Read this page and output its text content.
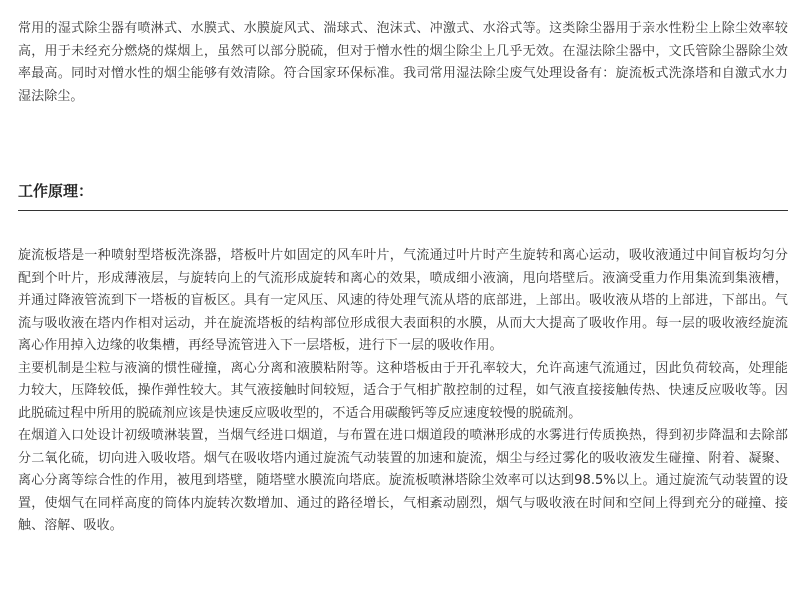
常用的湿式除尘器有喷淋式、水膜式、水膜旋风式、湍球式、泡沫式、冲激式、水浴式等。这类除尘器用于亲水性粉尘上除尘效率较高，用于未经充分燃烧的煤烟上，虽然可以部分脱硫，但对于憎水性的烟尘除尘上几乎无效。在湿法除尘器中，文氏管除尘器除尘效率最高。同时对憎水性的烟尘能够有效清除。符合国家环保标准。我司常用湿法除尘废气处理设备有：旋流板式洗涤塔和自激式水力湿法除尘。

工作原理：

旋流板塔是一种喷射型塔板洗涤器，塔板叶片如固定的风车叶片，气流通过叶片时产生旋转和离心运动，吸收液通过中间盲板均匀分配到个叶片，形成薄液层，与旋转向上的气流形成旋转和离心的效果，喷成细小液滴，甩向塔壁后。液滴受重力作用集流到集液槽，并通过降液管流到下一塔板的盲板区。具有一定风压、风速的待处理气流从塔的底部进，上部出。吸收液从塔的上部进，下部出。气流与吸收液在塔内作相对运动，并在旋流塔板的结构部位形成很大表面积的水膜，从而大大提高了吸收作用。每一层的吸收液经旋流离心作用掉入边缘的收集槽，再经导流管进入下一层塔板，进行下一层的吸收作用。

主要机制是尘粒与液滴的惯性碰撞，离心分离和液膜粘附等。这种塔板由于开孔率较大，允许高速气流通过，因此负荷较高，处理能力较大，压降较低，操作弹性较大。其气液接触时间较短，适合于气相扩散控制的过程，如气液直接接触传热、快速反应吸收等。因此脱硫过程中所用的脱硫剂应该是快速反应吸收型的，不适合用碳酸钙等反应速度较慢的脱硫剂。

在烟道入口处设计初级喷淋装置，当烟气经进口烟道，与布置在进口烟道段的喷淋形成的水雾进行传质换热，得到初步降温和去除部分二氧化硫，切向进入吸收塔。烟气在吸收塔内通过旋流气动装置的加速和旋流，烟尘与经过雾化的吸收液发生碰撞、附着、凝聚、离心分离等综合性的作用，被甩到塔壁，随塔壁水膜流向塔底。旋流板喷淋塔除尘效率可以达到98.5%以上。通过旋流气动装置的设置，使烟气在同样高度的筒体内旋转次数增加、通过的路径增长，气相紊动剧烈，烟气与吸收液在时间和空间上得到充分的碰撞、接触、溶解、吸收。
